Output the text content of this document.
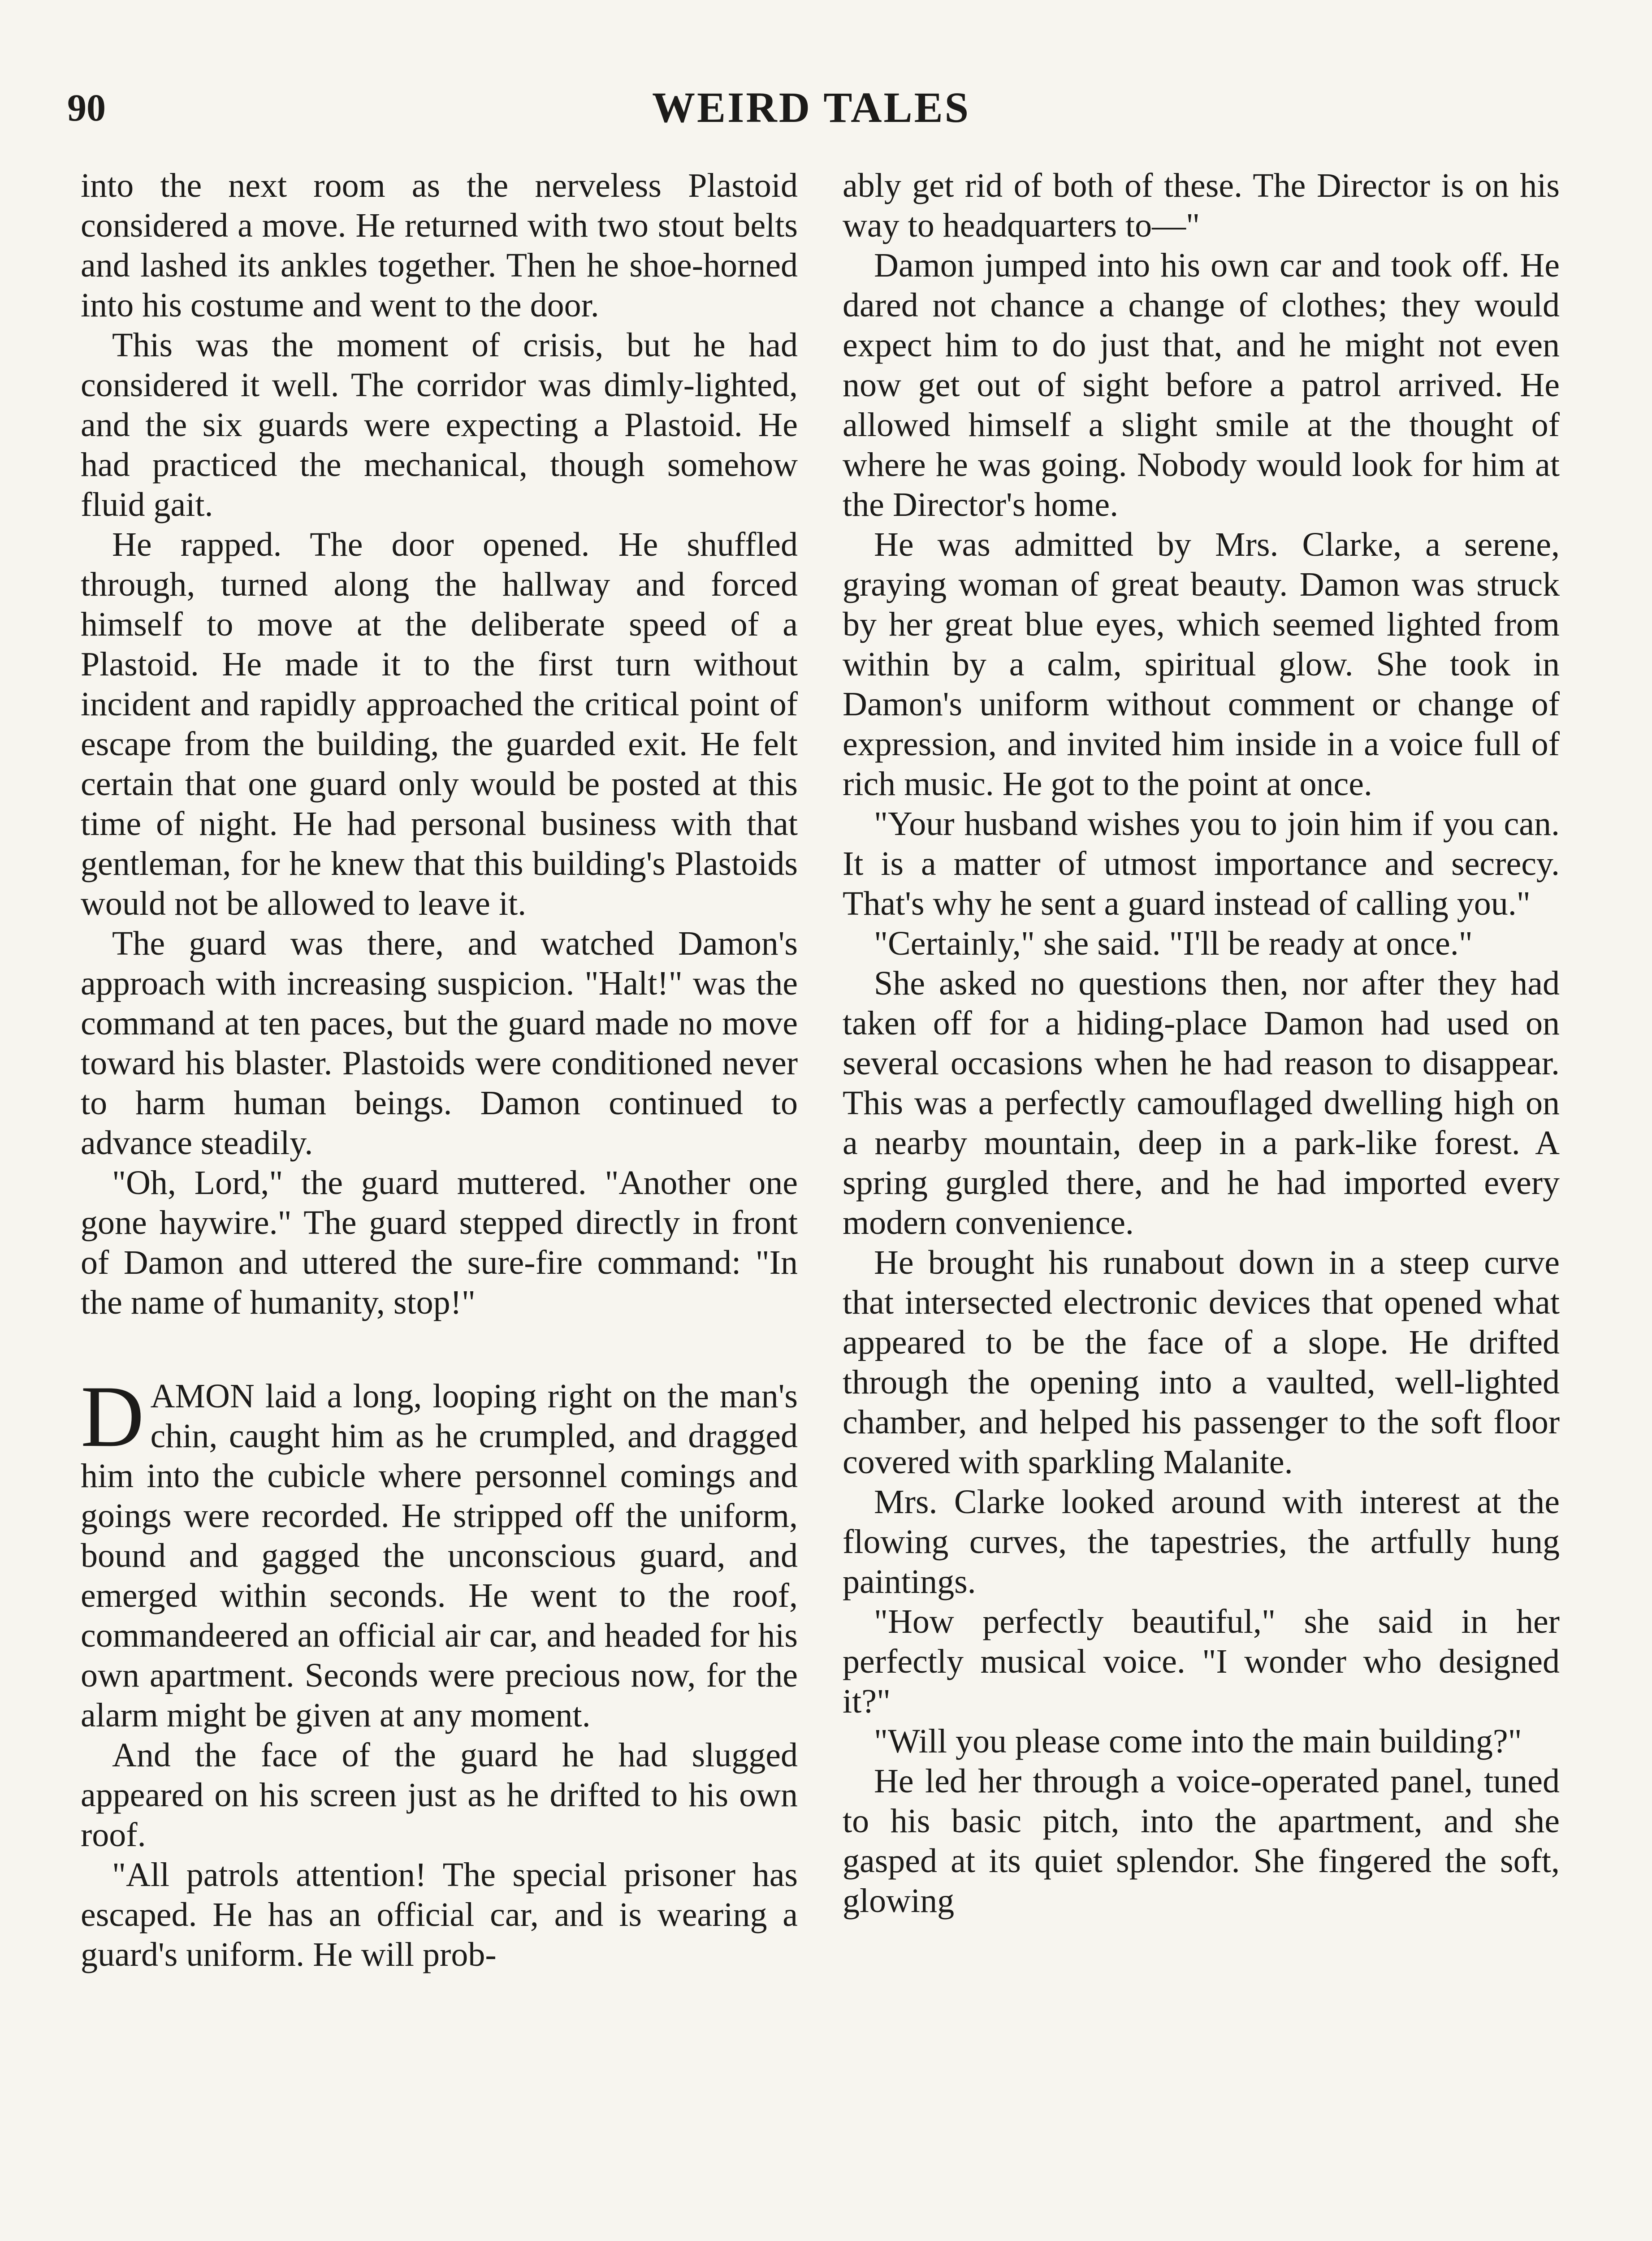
90	WEIRD TALES

into the next room as the nerveless Plastoid considered a move. He returned with two stout belts and lashed its ankles together. Then he shoe-horned into his costume and went to the door.

This was the moment of crisis, but he had considered it well. The corridor was dimly-lighted, and the six guards were expecting a Plastoid. He had practiced the mechanical, though somehow fluid gait.

He rapped. The door opened. He shuffled through, turned along the hallway and forced himself to move at the deliberate speed of a Plastoid. He made it to the first turn without incident and rapidly approached the critical point of escape from the building, the guarded exit. He felt certain that one guard only would be posted at this time of night. He had personal business with that gentleman, for he knew that this building's Plastoids would not be allowed to leave it.

The guard was there, and watched Damon's approach with increasing suspicion. "Halt!" was the command at ten paces, but the guard made no move toward his blaster. Plastoids were conditioned never to harm human beings. Damon continued to advance steadily.

"Oh, Lord," the guard muttered. "Another one gone haywire." The guard stepped directly in front of Damon and uttered the sure-fire command: "In the name of humanity, stop!"

DAMON laid a long, looping right on the man's chin, caught him as he crumpled, and dragged him into the cubicle where personnel comings and goings were recorded. He stripped off the uniform, bound and gagged the unconscious guard, and emerged within seconds. He went to the roof, commandeered an official air car, and headed for his own apartment. Seconds were precious now, for the alarm might be given at any moment.

And the face of the guard he had slugged appeared on his screen just as he drifted to his own roof.

"All patrols attention! The special prisoner has escaped. He has an official car, and is wearing a guard's uniform. He will prob-

ably get rid of both of these. The Director is on his way to headquarters to—"

Damon jumped into his own car and took off. He dared not chance a change of clothes; they would expect him to do just that, and he might not even now get out of sight before a patrol arrived. He allowed himself a slight smile at the thought of where he was going. Nobody would look for him at the Director's home.

He was admitted by Mrs. Clarke, a serene, graying woman of great beauty. Damon was struck by her great blue eyes, which seemed lighted from within by a calm, spiritual glow. She took in Damon's uniform without comment or change of expression, and invited him inside in a voice full of rich music. He got to the point at once.

"Your husband wishes you to join him if you can. It is a matter of utmost importance and secrecy. That's why he sent a guard instead of calling you."

"Certainly," she said. "I'll be ready at once."

She asked no questions then, nor after they had taken off for a hiding-place Damon had used on several occasions when he had reason to disappear. This was a perfectly camouflaged dwelling high on a nearby mountain, deep in a park-like forest. A spring gurgled there, and he had imported every modern convenience.

He brought his runabout down in a steep curve that intersected electronic devices that opened what appeared to be the face of a slope. He drifted through the opening into a vaulted, well-lighted chamber, and helped his passenger to the soft floor covered with sparkling Malanite.

Mrs. Clarke looked around with interest at the flowing curves, the tapestries, the artfully hung paintings.

"How perfectly beautiful," she said in her perfectly musical voice. "I wonder who designed it?"

"Will you please come into the main building?"

He led her through a voice-operated panel, tuned to his basic pitch, into the apartment, and she gasped at its quiet splendor. She fingered the soft, glowing
